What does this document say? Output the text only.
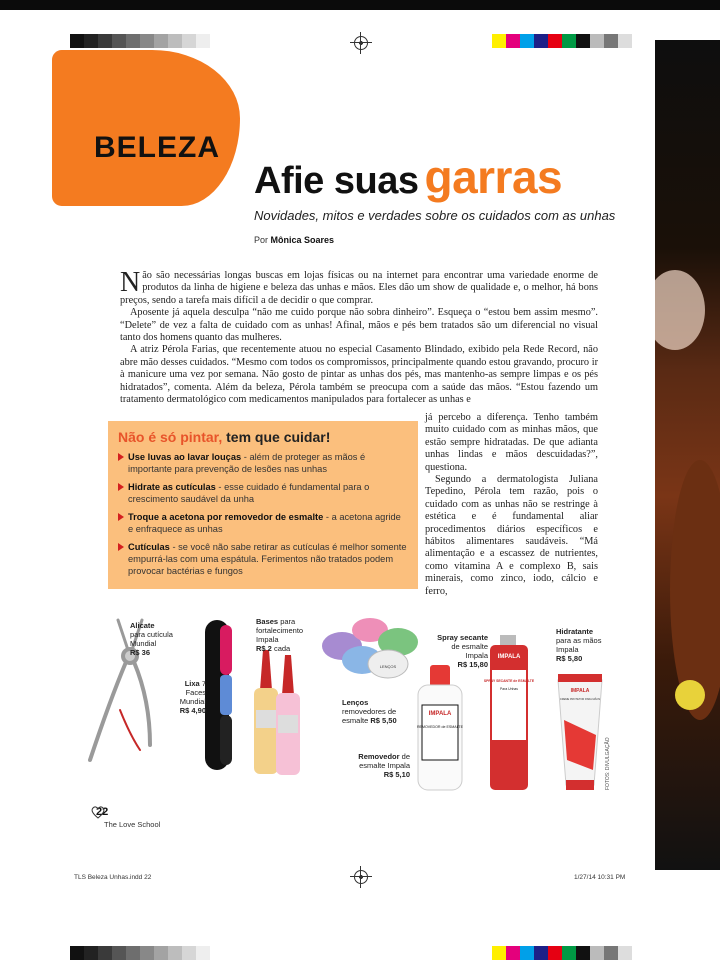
BELEZA
Afie suas garras
Novidades, mitos e verdades sobre os cuidados com as unhas
Por Mônica Soares

Não são necessárias longas buscas em lojas físicas ou na internet para encontrar uma variedade enorme de produtos da linha de higiene e beleza das unhas e mãos. Eles dão um show de qualidade e, o melhor, há bons preços, sendo a tarefa mais difícil a de decidir o que comprar.

Aposente já aquela desculpa “não me cuido porque não sobra dinheiro”. Esqueça o “estou bem assim mesmo”. “Delete” de vez a falta de cuidado com as unhas! Afinal, mãos e pés bem tratados são um diferencial no visual tanto dos homens quanto das mulheres.

A atriz Pérola Farias, que recentemente atuou no especial Casamento Blindado, exibido pela Rede Record, não abre mão desses cuidados. “Mesmo com todos os compromissos, principalmente quando estou gravando, procuro ir à manicure uma vez por semana. Não gosto de pintar as unhas dos pés, mas mantenho-as sempre limpas e os pés hidratados”, comenta. Além da beleza, Pérola também se preocupa com a saúde das mãos. “Estou fazendo um tratamento dermatológico com medicamentos manipulados para fortalecer as unhas e

já percebo a diferença. Tenho também muito cuidado com as minhas mãos, que estão sempre hidratadas. De que adianta unhas lindas e mãos descuidadas?”, questiona.

Segundo a dermatologista Juliana Tepedino, Pérola tem razão, pois o cuidado com as unhas não se restringe à estética e é fundamental aliar procedimentos diários específicos e hábitos alimentares saudáveis. “Má alimentação e a escassez de nutrientes, como vitamina A e complexo B, sais minerais, como zinco, iodo, cálcio e ferro,

Não é só pintar, tem que cuidar!
Use luvas ao lavar louças - além de proteger as mãos é importante para prevenção de lesões nas unhas
Hidrate as cutículas - esse cuidado é fundamental para o crescimento saudável da unha
Troque a acetona por removedor de esmalte - a acetona agride e enfraquece as unhas
Cutículas - se você não sabe retirar as cutículas é melhor somente empurrá-las com uma espátula. Ferimentos não tratados podem provocar bactérias e fungos
IMPALA
REMOVEDOR de ESMALTE
IMPALA
SPRAY SECANTE de ESMALTE
Para Unhas	IMPALA
CREME PROTETOR PARA MÃOS
LENÇOS
Alicate
para cutícula Mundial
R$ 36
Lixa 7 Faces Mundial
R$ 4,90
Bases para fortalecimento Impala
R$ 2 cada
Lenços
removedores de esmalte R$ 5,50
Removedor de esmalte Impala
R$ 5,10
Spray secante de esmalte Impala
R$ 15,80
Hidratante
para as mãos Impala
R$ 5,80
FOTOS: DIVULGAÇÃO
22
The Love School
TLS Beleza Unhas.indd 22	1/27/14 10:31 PM
